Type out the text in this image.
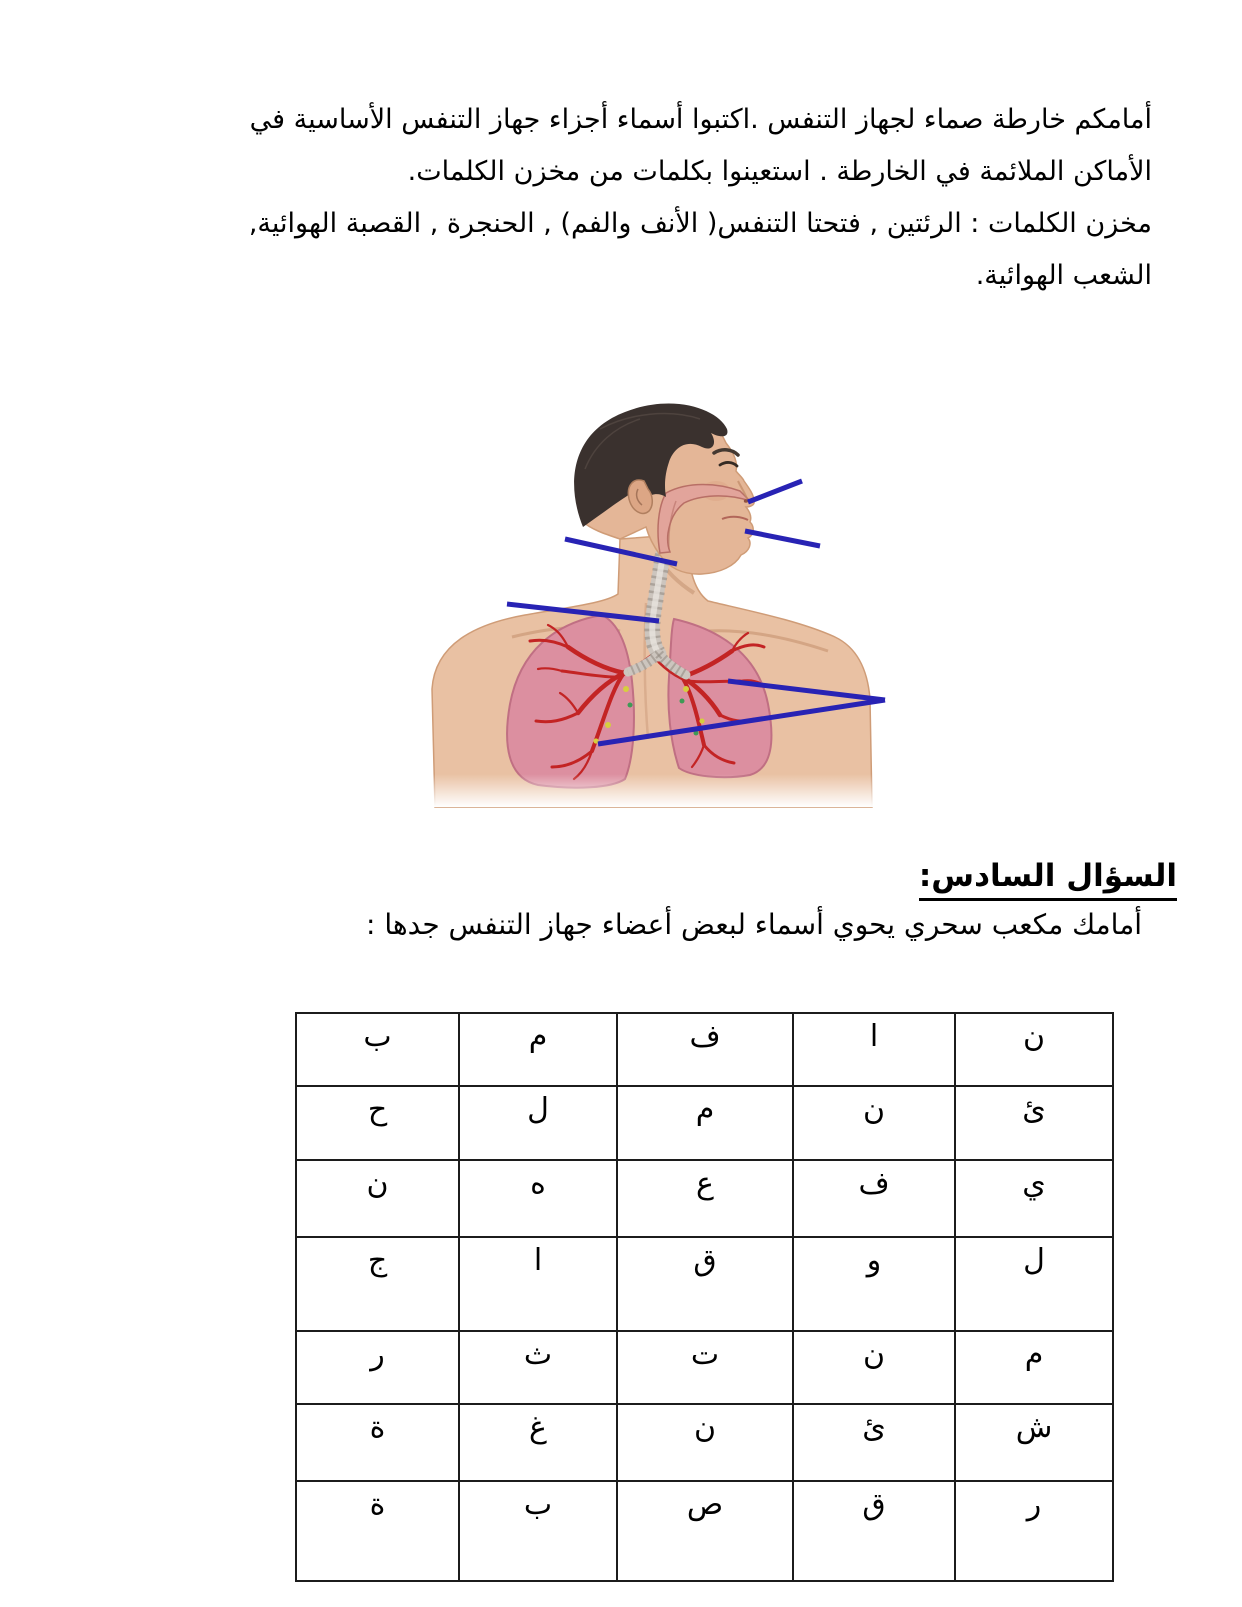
أمامكم خارطة صماء لجهاز التنفس .اكتبوا أسماء أجزاء جهاز التنفس الأساسية في
الأماكن الملائمة في الخارطة . استعينوا بكلمات من مخزن الكلمات.
مخزن الكلمات : الرئتين , فتحتا التنفس( الأنف والفم) , الحنجرة , القصبة الهوائية,
الشعب الهوائية.
السؤال السادس:
أمامك مكعب سحري يحوي أسماء لبعض أعضاء جهاز التنفس جدها :
ب	م	ف	ا	ن
ح	ل	م	ن	ئ
ن	ه	ع	ف	ي
ج	ا	ق	و	ل
ر	ث	ت	ن	م
ة	غ	ن	ئ	ش
ة	ب	ص	ق	ر
